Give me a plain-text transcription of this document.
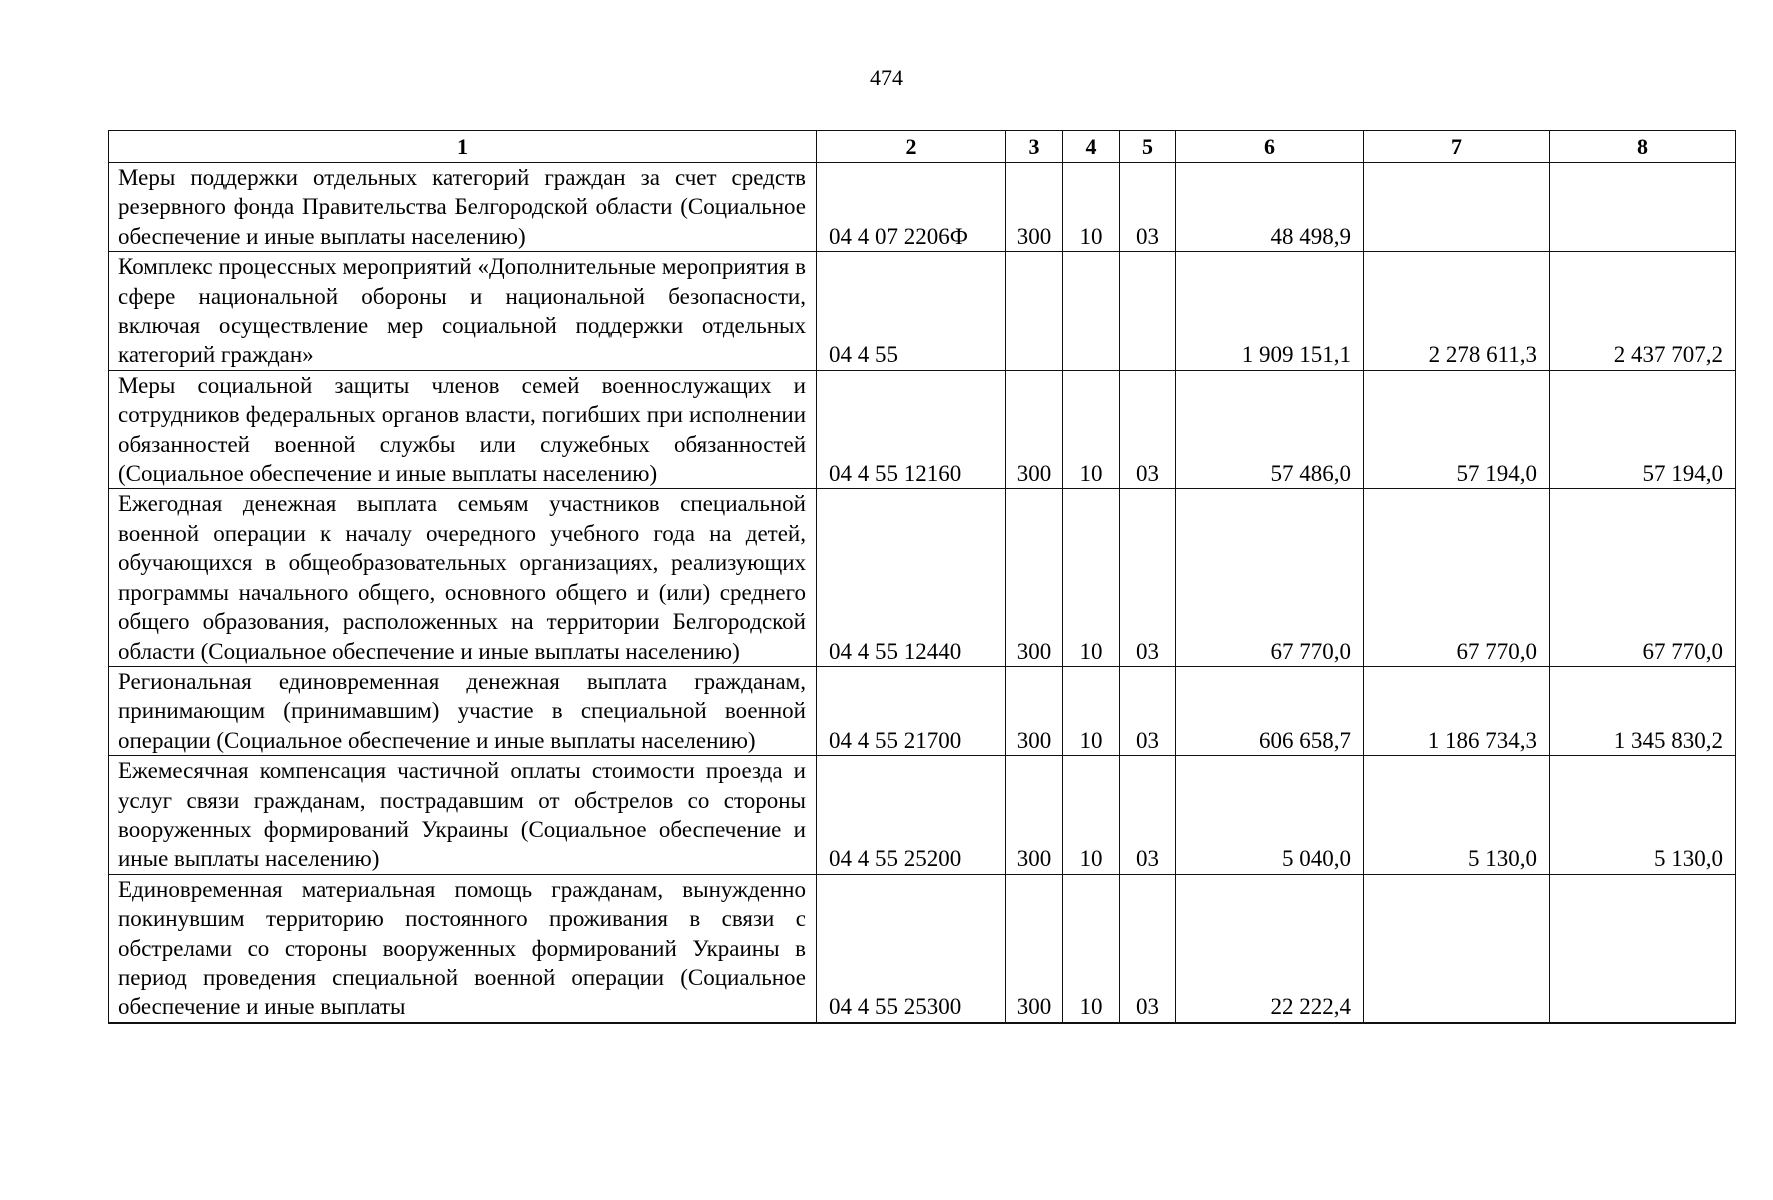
474
1	2	3	4	5	6	7	8
Меры поддержки отдельных категорий граждан за счет средств резервного фонда Правительства Белгородской области (Социальное обеспечение и иные выплаты населению)	04 4 07 2206Ф	300	10	03	48 498,9		
Комплекс процессных мероприятий «Дополнительные мероприятия в сфере национальной обороны и национальной безопасности, включая осуществление мер социальной поддержки отдельных категорий граждан»	04 4 55				1 909 151,1	2 278 611,3	2 437 707,2
Меры социальной защиты членов семей военнослужащих и сотрудников федеральных органов власти, погибших при исполнении обязанностей военной службы или служебных обязанностей (Социальное обеспечение и иные выплаты населению)	04 4 55 12160	300	10	03	57 486,0	57 194,0	57 194,0
Ежегодная денежная выплата семьям участников специальной военной операции к началу очередного учебного года на детей, обучающихся в общеобразовательных организациях, реализующих программы начального общего, основного общего и (или) среднего общего образования, расположенных на территории Белгородской области (Социальное обеспечение и иные выплаты населению)	04 4 55 12440	300	10	03	67 770,0	67 770,0	67 770,0
Региональная единовременная денежная выплата гражданам, принимающим (принимавшим) участие в специальной военной операции (Социальное обеспечение и иные выплаты населению)	04 4 55 21700	300	10	03	606 658,7	1 186 734,3	1 345 830,2
Ежемесячная компенсация частичной оплаты стоимости проезда и услуг связи гражданам, пострадавшим от обстрелов со стороны вооруженных формирований Украины (Социальное обеспечение и иные выплаты населению)	04 4 55 25200	300	10	03	5 040,0	5 130,0	5 130,0
Единовременная материальная помощь гражданам, вынужденно покинувшим территорию постоянного проживания в связи с обстрелами со стороны вооруженных формирований Украины в период проведения специальной военной операции (Социальное обеспечение и иные выплаты	04 4 55 25300	300	10	03	22 222,4		
